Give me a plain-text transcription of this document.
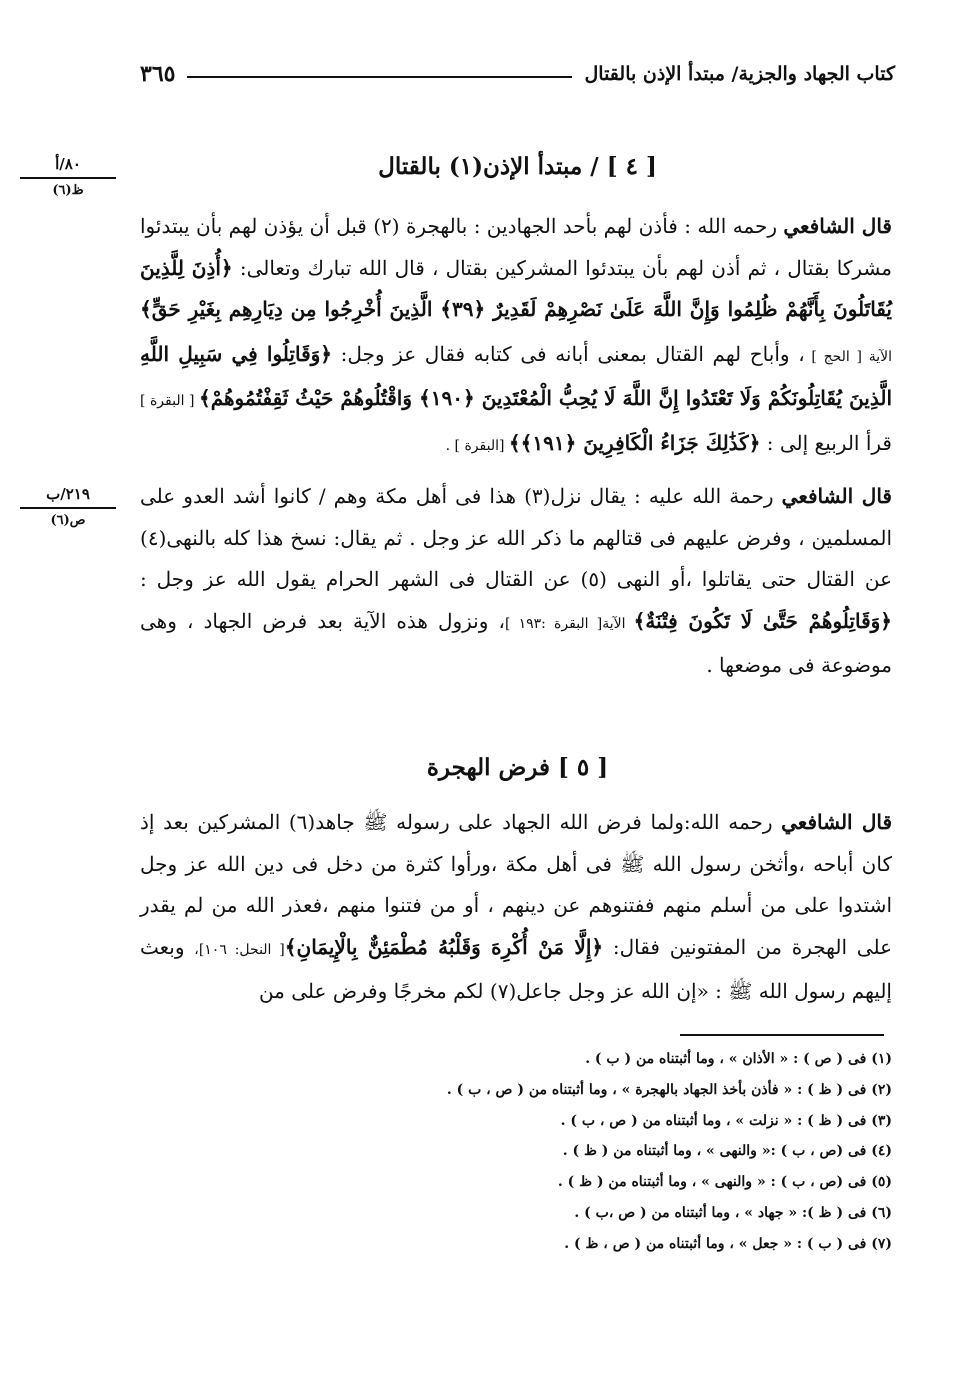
كتاب الجهاد والجزية/ مبتدأ الإذن بالقتال
٣٦٥
٨٠/أ
ظ(٦)
٢١٩/ب
ص(٦)
[ ٤ ] / مبتدأ الإذن(١) بالقتال
قال الشافعي رحمه الله : فأذن لهم بأحد الجهادين : بالهجرة (٢) قبل أن يؤذن لهم بأن يبتدئوا مشركا بقتال ، ثم أذن لهم بأن يبتدئوا المشركين بقتال ، قال الله تبارك وتعالى: ﴿أُذِنَ لِلَّذِينَ يُقَاتَلُونَ بِأَنَّهُمْ ظُلِمُوا وَإِنَّ اللَّهَ عَلَىٰ نَصْرِهِمْ لَقَدِيرٌ ﴿٣٩﴾ الَّذِينَ أُخْرِجُوا مِن دِيَارِهِم بِغَيْرِ حَقٍّ﴾ الآية [ الحج ] ، وأباح لهم القتال بمعنى أبانه فى كتابه فقال عز وجل: ﴿وَقَاتِلُوا فِي سَبِيلِ اللَّهِ الَّذِينَ يُقَاتِلُونَكُمْ وَلَا تَعْتَدُوا إِنَّ اللَّهَ لَا يُحِبُّ الْمُعْتَدِينَ ﴿١٩٠﴾ وَاقْتُلُوهُمْ حَيْثُ ثَقِفْتُمُوهُمْ﴾ [ البقرة ] قرأ الربيع إلى : ﴿كَذَٰلِكَ جَزَاءُ الْكَافِرِينَ ﴿١٩١﴾﴾ [البقرة ] .
قال الشافعي رحمة الله عليه : يقال نزل(٣) هذا فى أهل مكة وهم / كانوا أشد العدو على المسلمين ، وفرض عليهم فى قتالهم ما ذكر الله عز وجل . ثم يقال: نسخ هذا كله بالنهى(٤) عن القتال حتى يقاتلوا ،أو النهى (٥) عن القتال فى الشهر الحرام يقول الله عز وجل : ﴿وَقَاتِلُوهُمْ حَتَّىٰ لَا تَكُونَ فِتْنَةٌ﴾ الآية[ البقرة :١٩٣ ]، ونزول هذه الآية بعد فرض الجهاد ، وهى موضوعة فى موضعها .
[ ٥ ] فرض الهجرة
قال الشافعي رحمه الله:ولما فرض الله الجهاد على رسوله ﷺ جاهد(٦) المشركين بعد إذ كان أباحه ،وأثخن رسول الله ﷺ فى أهل مكة ،ورأوا كثرة من دخل فى دين الله عز وجل اشتدوا على من أسلم منهم ففتنوهم عن دينهم ، أو من فتنوا منهم ،فعذر الله من لم يقدر على الهجرة من المفتونين فقال: ﴿إِلَّا مَنْ أُكْرِهَ وَقَلْبُهُ مُطْمَئِنٌّ بِالْإِيمَانِ﴾[ النحل: ١٠٦]، وبعث إليهم رسول الله ﷺ : «إن الله عز وجل جاعل(٧) لكم مخرجًا وفرض على من
(١) فى ( ص ) : « الأذان » ، وما أثبتناه من ( ب ) .
(٢) فى ( ظ ) : « فأذن بأخذ الجهاد بالهجرة » ، وما أثبتناه من ( ص ، ب ) .
(٣) فى ( ظ ) : « نزلت » ، وما أثبتناه من ( ص ، ب ) .
(٤) فى (ص ، ب ) :« والنهى » ، وما أثبتناه من ( ظ ) .
(٥) فى (ص ، ب ) : « والنهى » ، وما أثبتناه من ( ظ ) .
(٦) فى ( ظ ): « جهاد » ، وما أثبتناه من ( ص ،ب ) .
(٧) فى ( ب ) : « جعل » ، وما أثبتناه من ( ص ، ظ ) .
